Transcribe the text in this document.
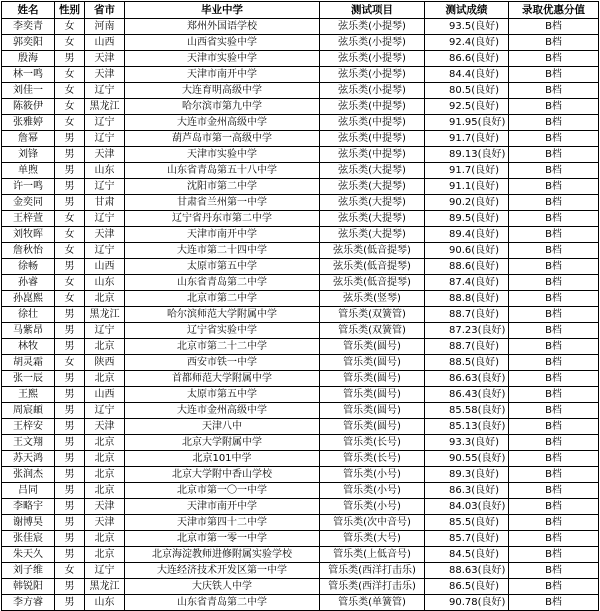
姓名	性别	省市	毕业中学	测试项目	测试成绩	录取优惠分值
李奕青	女	河南	郑州外国语学校	弦乐类(小提琴)	93.5(良好)	B档
郭奕阳	女	山西	山西省实验中学	弦乐类(小提琴)	92.4(良好)	B档
殷海	男	天津	天津市实验中学	弦乐类(小提琴)	86.6(良好)	B档
林一鸣	女	天津	天津市南开中学	弦乐类(小提琴)	84.4(良好)	B档
刘佳一	女	辽宁	大连育明高级中学	弦乐类(小提琴)	80.5(良好)	B档
陈筱伊	女	黑龙江	哈尔滨市第九中学	弦乐类(中提琴)	92.5(良好)	B档
张雅婷	女	辽宁	大连市金州高级中学	弦乐类(中提琴)	91.95(良好)	B档
詹幂	男	辽宁	葫芦岛市第一高级中学	弦乐类(中提琴)	91.7(良好)	B档
刘锋	男	天津	天津市实验中学	弦乐类(中提琴)	89.13(良好)	B档
单煦	男	山东	山东省青岛第五十八中学	弦乐类(大提琴)	91.7(良好)	B档
许一鸣	男	辽宁	沈阳市第二中学	弦乐类(大提琴)	91.1(良好)	B档
金奕同	男	甘肃	甘肃省兰州第一中学	弦乐类(大提琴)	90.2(良好)	B档
王梓萱	女	辽宁	辽宁省丹东市第二中学	弦乐类(大提琴)	89.5(良好)	B档
刘牧晖	女	天津	天津市南开中学	弦乐类(大提琴)	89.4(良好)	B档
詹秋怡	女	辽宁	大连市第二十四中学	弦乐类(低音提琴)	90.6(良好)	B档
徐畅	男	山西	太原市第五中学	弦乐类(低音提琴)	88.6(良好)	B档
孙睿	女	山东	山东省青岛第二中学	弦乐类(低音提琴)	87.4(良好)	B档
孙崑熙	女	北京	北京市第二中学	弦乐类(竖琴)	88.8(良好)	B档
徐壮	男	黑龙江	哈尔滨师范大学附属中学	管乐类(双簧管)	88.7(良好)	B档
马紫昂	男	辽宁	辽宁省实验中学	管乐类(双簧管)	87.23(良好)	B档
林牧	男	北京	北京市第二十二中学	管乐类(圆号)	88.7(良好)	B档
胡灵霜	女	陕西	西安市铁一中学	管乐类(圆号)	88.5(良好)	B档
张一辰	男	北京	首都师范大学附属中学	管乐类(圆号)	86.63(良好)	B档
王熙	男	山西	太原市第五中学	管乐类(圆号)	86.43(良好)	B档
周宸頔	男	辽宁	大连市金州高级中学	管乐类(圆号)	85.58(良好)	B档
王梓安	男	天津	天津八中	管乐类(圆号)	85.13(良好)	B档
王文翔	男	北京	北京大学附属中学	管乐类(长号)	93.3(良好)	B档
苏天鸿	男	北京	北京101中学	管乐类(长号)	90.55(良好)	B档
张润杰	男	北京	北京大学附中香山学校	管乐类(小号)	89.3(良好)	B档
吕同	男	北京	北京市第一〇一中学	管乐类(小号)	86.3(良好)	B档
李略宇	男	天津	天津市南开中学	管乐类(小号)	84.03(良好)	B档
谢博昊	男	天津	天津市第四十二中学	管乐类(次中音号)	85.5(良好)	B档
张佳宸	男	北京	北京市第一零一中学	管乐类(大号)	85.7(良好)	B档
朱天久	男	北京	北京海淀教师进修附属实验学校	管乐类(上低音号)	84.5(良好)	B档
刘子维	女	辽宁	大连经济技术开发区第一中学	管乐类(西洋打击乐)	88.63(良好)	B档
韩锐阳	男	黑龙江	大庆铁人中学	管乐类(西洋打击乐)	86.5(良好)	B档
李方睿	男	山东	山东省青岛第二中学	管乐类(单簧管)	90.78(良好)	B档
